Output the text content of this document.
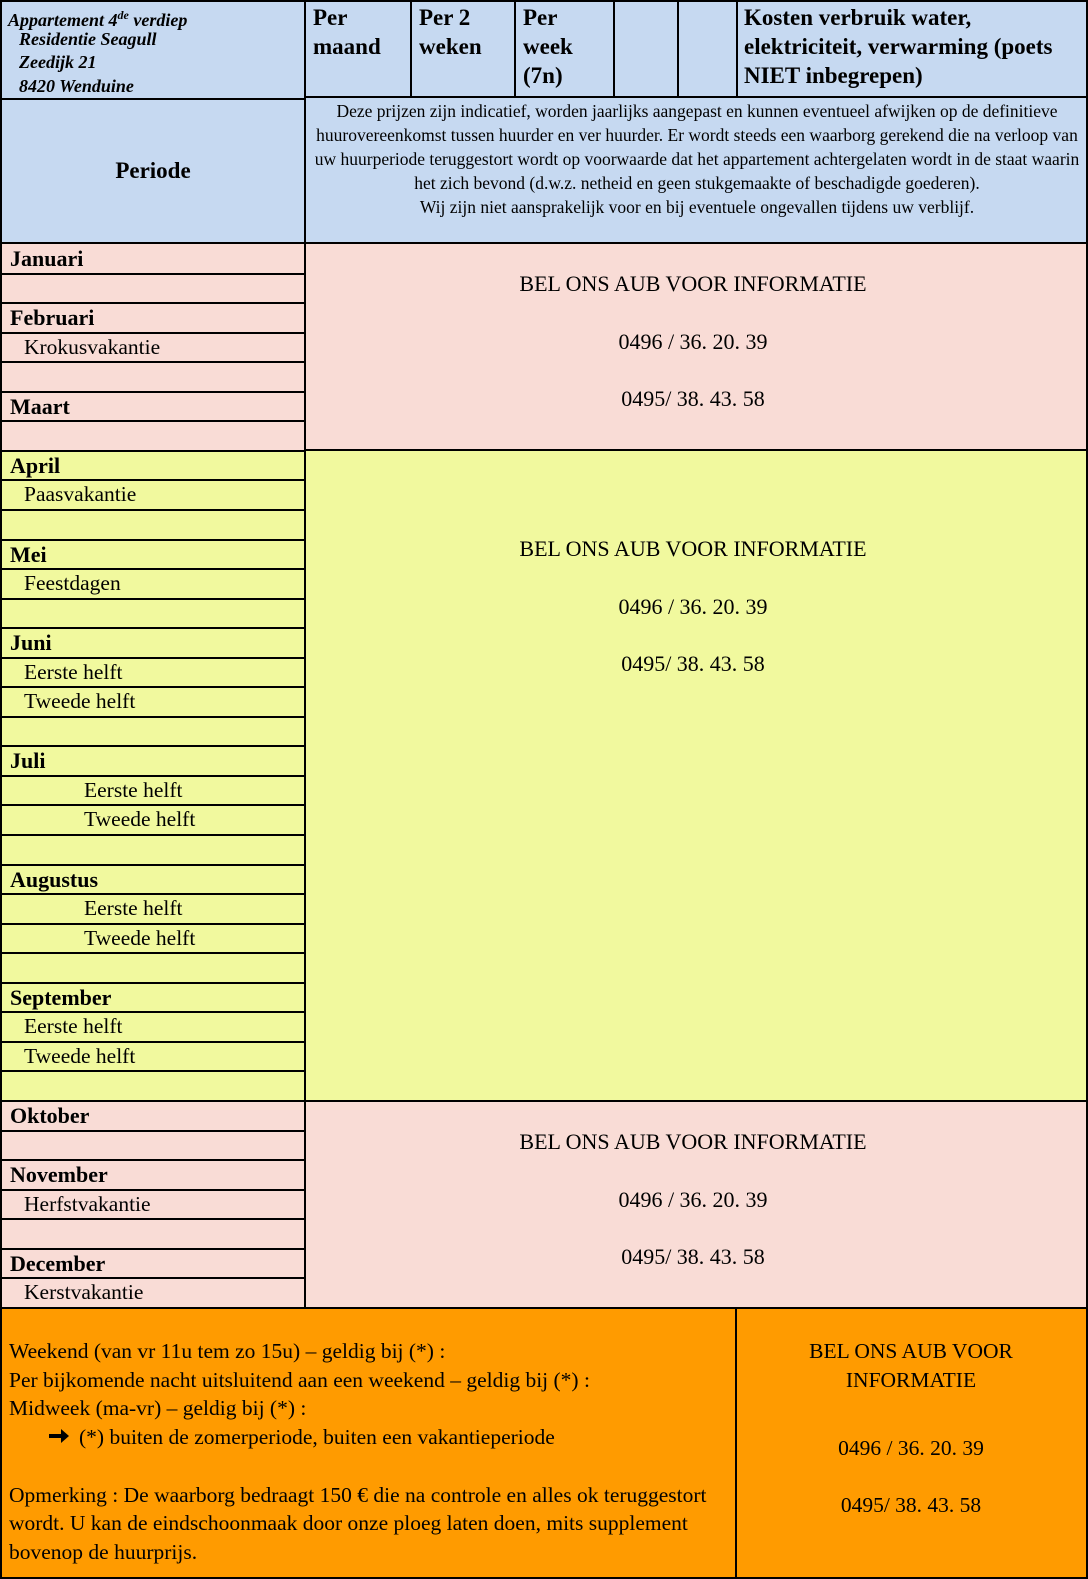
Appartement 4de verdiep
Residentie Seagull
Zeedijk 21
8420 Wenduine
Per maand
Per 2 weken
Per week (7n)
Kosten verbruik water, elektriciteit, verwarming (poets NIET inbegrepen)
Periode
Deze prijzen zijn indicatief, worden jaarlijks aangepast en kunnen eventueel afwijken op de definitieve huurovereenkomst tussen huurder en ver huurder. Er wordt steeds een waarborg gerekend die na verloop van uw huurperiode teruggestort wordt op voorwaarde dat het appartement achtergelaten wordt in de staat waarin het zich bevond (d.w.z. netheid en geen stukgemaakte of beschadigde goederen).
Wij zijn niet aansprakelijk voor en bij eventuele ongevallen tijdens uw verblijf.
Januari
Februari
Krokusvakantie
Maart
April
Paasvakantie
Mei
Feestdagen
Juni
Eerste helft
Tweede helft
Juli
Eerste helft
Tweede helft
Augustus
Eerste helft
Tweede helft
September
Eerste helft
Tweede helft
Oktober
November
Herfstvakantie
December
Kerstvakantie
BEL ONS AUB VOOR INFORMATIE
0496 / 36. 20. 39
0495/ 38. 43. 58
BEL ONS AUB VOOR INFORMATIE
0496 / 36. 20. 39
0495/ 38. 43. 58
BEL ONS AUB VOOR INFORMATIE
0496 / 36. 20. 39
0495/ 38. 43. 58
Weekend (van vr 11u tem zo 15u) – geldig bij (*) :
Per bijkomende nacht uitsluitend aan een weekend – geldig bij (*) :
Midweek (ma-vr) – geldig bij (*) :
(*) buiten de zomerperiode, buiten een vakantieperiode
Opmerking : De waarborg bedraagt 150 € die na controle en alles ok teruggestort wordt. U kan de eindschoonmaak door onze ploeg laten doen, mits supplement bovenop de huurprijs.
BEL ONS AUB VOOR INFORMATIE
0496 / 36. 20. 39
0495/ 38. 43. 58
